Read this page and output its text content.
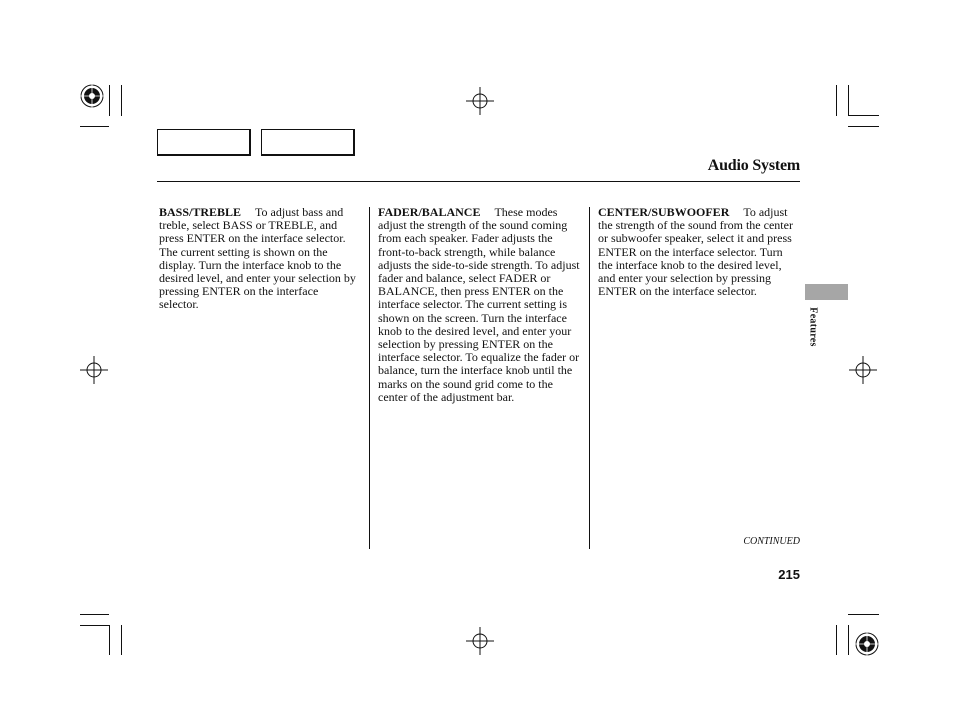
Audio System
BASS/TREBLE To adjust bass and treble, select BASS or TREBLE, and press ENTER on the interface selector. The current setting is shown on the display. Turn the interface knob to the desired level, and enter your selection by pressing ENTER on the interface selector.
FADER/BALANCE These modes adjust the strength of the sound coming from each speaker. Fader adjusts the front-to-back strength, while balance adjusts the side-to-side strength. To adjust fader and balance, select FADER or BALANCE, then press ENTER on the interface selector. The current setting is shown on the screen. Turn the interface knob to the desired level, and enter your selection by pressing ENTER on the interface selector. To equalize the fader or balance, turn the interface knob until the marks on the sound grid come to the center of the adjustment bar.
CENTER/SUBWOOFER To adjust the strength of the sound from the center or subwoofer speaker, select it and press ENTER on the interface selector. Turn the interface knob to the desired level, and enter your selection by pressing ENTER on the interface selector.
Features
CONTINUED
215
